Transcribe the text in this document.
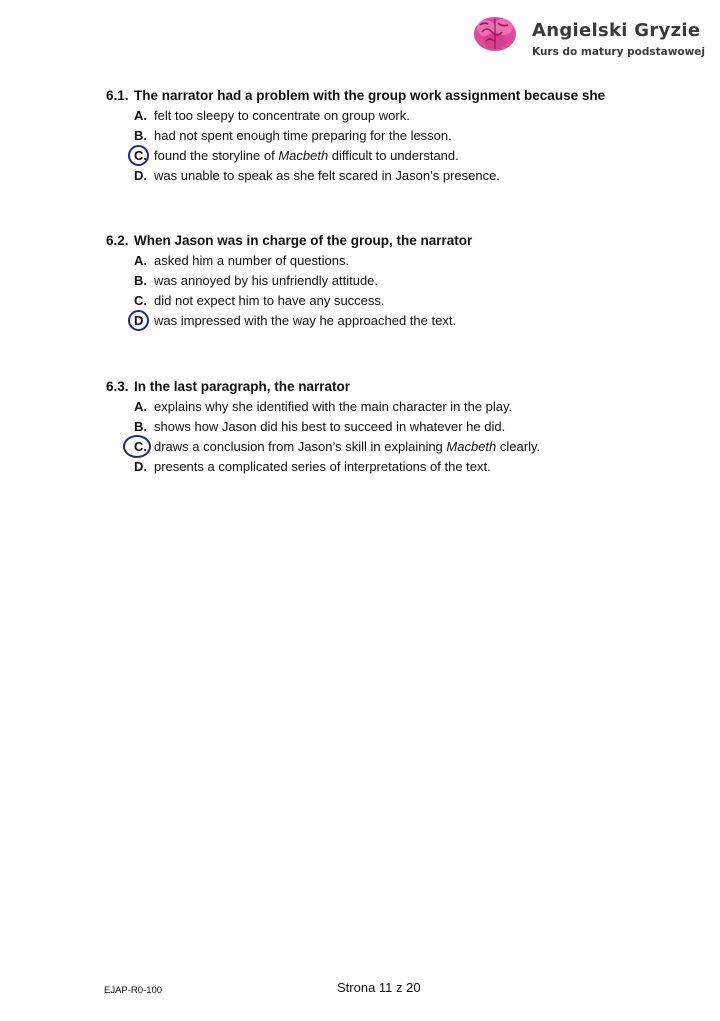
Angielski Gryzie
Kurs do matury podstawowej
6.1. The narrator had a problem with the group work assignment because she
A. felt too sleepy to concentrate on group work.
B. had not spent enough time preparing for the lesson.
C. found the storyline of Macbeth difficult to understand.
D. was unable to speak as she felt scared in Jason’s presence.
6.2. When Jason was in charge of the group, the narrator
A. asked him a number of questions.
B. was annoyed by his unfriendly attitude.
C. did not expect him to have any success.
D was impressed with the way he approached the text.
6.3. In the last paragraph, the narrator
A. explains why she identified with the main character in the play.
B. shows how Jason did his best to succeed in whatever he did.
C. draws a conclusion from Jason’s skill in explaining Macbeth clearly.
D. presents a complicated series of interpretations of the text.
EJAP-R0-100	Strona 11 z 20
